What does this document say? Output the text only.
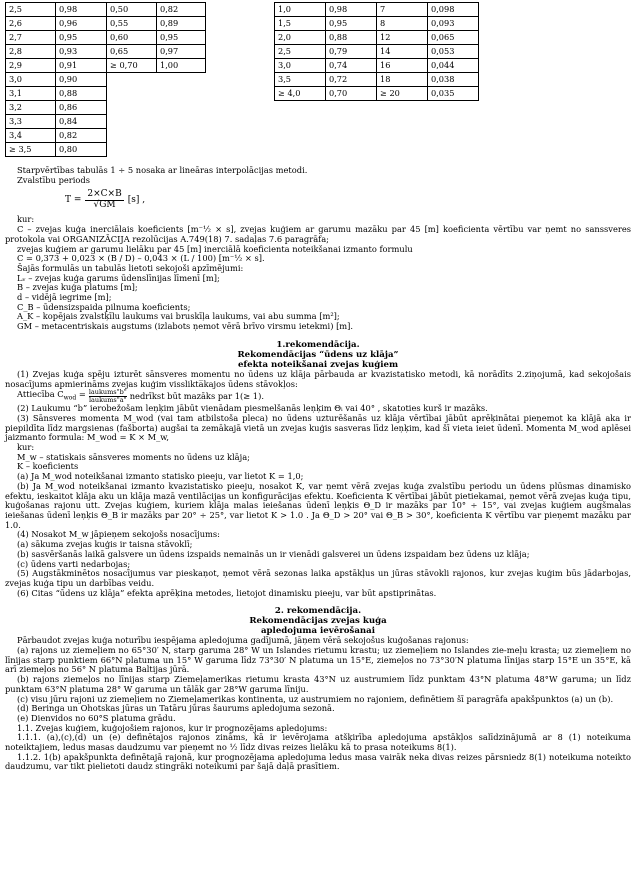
2,5	0,98	0,50	0,82		1,0	0,98	7	0,098
2,6	0,96	0,55	0,89		1,5	0,95	8	0,093
2,7	0,95	0,60	0,95		2,0	0,88	12	0,065
2,8	0,93	0,65	0,97		2,5	0,79	14	0,053
2,9	0,91	≥ 0,70	1,00		3,0	0,74	16	0,044
3,0	0,90				3,5	0,72	18	0,038
3,1	0,88				≥ 4,0	0,70	≥ 20	0,035
3,2	0,86							
3,3	0,84							
3,4	0,82							
≥ 3,5	0,80							

Starpvērtības tabulās 1 ÷ 5 nosaka ar lineāras interpolācijas metodi.

Zvalstību periods

$T = \frac{2\times C\times B}{√GM} [s]$ ,

kur:

C – zvejas kuģa inerciālais koeficients [m⁻½ × s], zvejas kuģiem ar garumu mazāku par 45 [m] koeficienta vērtību var ņemt no sanssveres protokola vai ORGANIZĀCIJA rezolūcijas A.749(18) 7. sadaļas 7.6 paragrāfa;

zvejas kuģiem ar garumu lielāku par 45 [m] inerciālā koeficienta noteikšanai izmanto formulu

C = 0,373 + 0,023 × (B / D) – 0,043 × (L / 100) [m⁻½ × s].

Šajās formulās un tabulās lietoti sekojoši apzīmējumi:

Lᵥ – zvejas kuģa garums ūdenslīnijas līmenī [m];

B – zvejas kuģa platums [m];

d – vidējā iegrime [m];

C_B – ūdensizspaida pilnuma koeficients;

A_K – kopējais zvalstķīlu laukums vai bruskīļa laukums, vai abu summa [m²];

GM – metacentriskais augstums (izlabots ņemot vērā brīvo virsmu ietekmi) [m].

1.rekomendācija.
Rekomendācijas “ūdens uz klāja”
efekta noteikšanai zvejas kuģiem

(1) Zvejas kuģa spēju izturēt sānsveres momentu no ūdens uz klāja pārbauda ar kvazistatisko metodi, kā norādīts 2.ziņojumā, kad sekojošais nosacījums apmierināms zvejas kuģim visslikta̅kajos ūdens stāvokļos:

Attiecība $C_{wod}$ = laukums"b"
laukums"a" nedrīkst būt mazāks par 1(≥ 1).

(2) Laukumu “b” ierobežošam leņķim jābūt vienādam piesmelšanās leņķim Θᵢ vai 40° , skatoties kurš ir mazāks.

(3) Sānsveres momenta M_wod (vai tam atbilstoša pleca) no ūdens uzturēšanās uz klāja vērtībai jābūt aprēķinātai pieņemot ka klājā aka ir piepildīta līdz margsienas (fašborta) augšai ta zemākajā vietā un zvejas kuģis sasveras līdz leņķim, kad šī vieta ieiet ūdenī. Momenta M_wod aplēsei jaizmanto formula: M_wod = K × M_w,

kur:

M_w – statiskais sānsveres moments no ūdens uz klāja;

K – koeficients

(a) Ja M_wod noteikšanai izmanto statisko pieeju, var lietot K = 1,0;

(b) Ja M_wod noteikšanai izmanto kvazistatisko pieeju, nosakot K, var ņemt vērā zvejas kuģa zvalstību periodu un ūdens plūsmas dinamisko efektu, ieskaitot klāja aku un klāja mazā ventilācijas un konfigurācijas efektu. Koeficienta K vērtībai jābūt pietiekamai, ņemot vērā zvejas kuģa tipu, kuģošanas rajonu utt. Zvejas kuģiem, kuriem klāja malas ieiešanas ūdenī leņķis Θ_D ir mazāks par 10° ÷ 15°, vai zvejas kuģiem augšmalas ieiešanas ūdenī leņķis Θ_B ir mazāks par 20° ÷ 25°, var lietot K > 1.0 . Ja Θ_D > 20° vai Θ_B > 30°, koeficienta K vērtību var pieņemt mazāku par 1.0.

(4) Nosakot M_w jāpieņem sekojošs nosacījums:

(a) sākuma zvejas kuģis ir taisna stāvoklī;

(b) sasvēršanās laikā galsvere un ūdens izspaids nemainās un ir vienādi galsverei un ūdens izspaidam bez ūdens uz klāja;

(c) ūdens varti nedarbojas;

(5) Augstākminētos nosacījumus var pieskaņot, ņemot vērā sezonas laika apstākļus un jūras stāvokli rajonos, kur zvejas kuģim būs jādarbojas, zvejas kuģa tipu un darbības veidu.

(6) Citas “ūdens uz klāja” efekta aprēķina metodes, lietojot dinamisku pieeju, var būt apstiprinātas.

2. rekomendācija.
Rekomendācijas zvejas kuģa
apledojuma ievērošanai

Pārbaudot zvejas kuģa noturību iespējama apledojuma gadījumā, jāņem vērā sekojošus kuģošanas rajonus:

(a) rajons uz ziemeļiem no 65°30′ N, starp garuma 28° W un Islandes rietumu krastu; uz ziemeļiem no Islandes zie-meļu krasta; uz ziemeļiem no līnijas starp punktiem 66°N platuma un 15° W garuma līdz 73°30′ N platuma un 15°E, ziemeļos no 73°30′N platuma līnijas starp 15°E un 35°E, kā arī ziemeļos no 56° N platuma Baltijas jūrā.

(b) rajons ziemeļos no līnijas starp Ziemeļamerikas rietumu krasta 43°N uz austrumiem līdz punktam 43°N platuma 48°W garuma; un līdz punktam 63°N platuma 28° W garuma un tālāk gar 28°W garuma līniju.

(c) visu jūru rajoni uz ziemeļiem no Ziemeļamerikas kontinenta, uz austrumiem no rajoniem, definētiem šī paragrāfa apakšpunktos (a) un (b).

(d) Beringa un Ohotskas jūras un Tatāru jūras šaurums apledojuma sezonā.

(e) Dienvidos no 60°S platuma grādu.

1.1. Zvejas kuģiem, kuģojošiem rajonos, kur ir prognozējams apledojums:

1.1.1. (a),(c),(d) un (e) definētajos rajonos zināms, kā ir ievērojama atšķirība apledojuma apstākļos salīdzinājumā ar 8 (1) noteikuma noteiktajiem, ledus masas daudzumu var pieņemt no ½ līdz divas reizes lielāku kā to prasa noteikums 8(1).

1.1.2. 1(b) apakšpunkta definētajā rajonā, kur prognozējama apledojuma ledus masa vairāk neka divas reizes pārsniedz 8(1) noteikuma noteikto daudzumu, var tikt pielietoti daudz stingrāki noteikumi par šajā daļā prasītiem.
